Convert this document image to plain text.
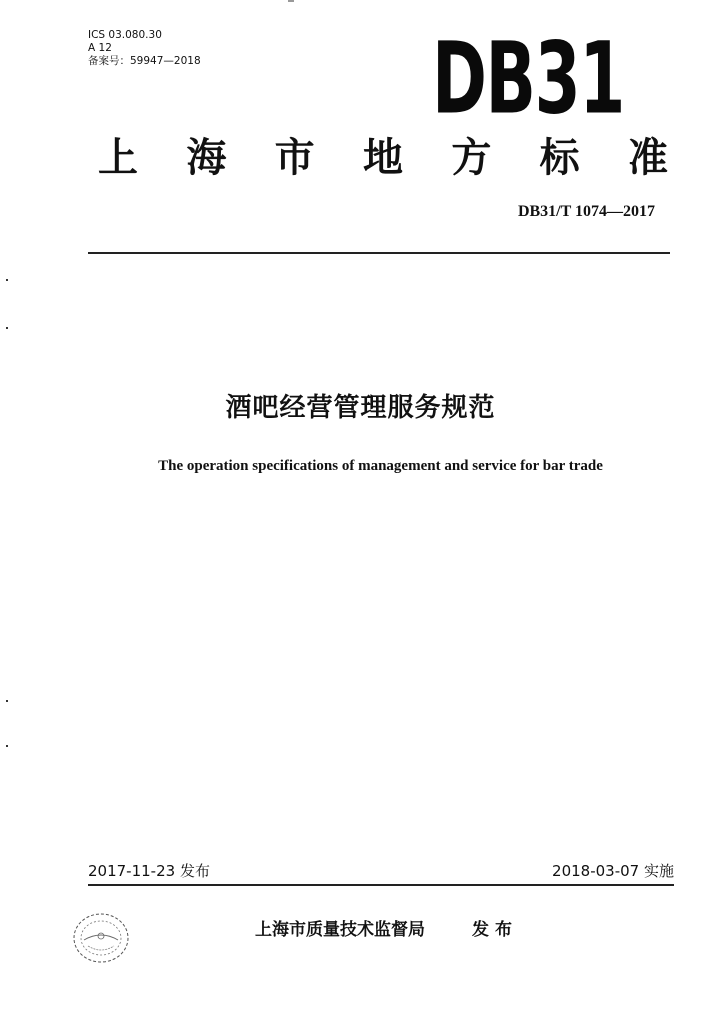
ICS 03.080.30
A 12
备案号：59947—2018	DB31
上 海 市 地 方 标 准
DB31/T 1074—2017
酒吧经营管理服务规范
The operation specifications of management and service for bar trade
2017-11-23 发布	2018-03-07 实施
上海市质量技术监督局	发布
